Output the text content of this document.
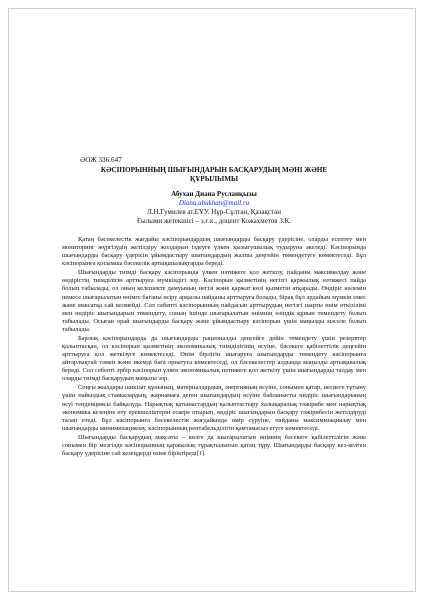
ӘОЖ 336.647
КӘСІПОРЫННЫҢ ШЫҒЫНДАРЫН БАСҚАРУДЫҢ МӘНІ ЖӘНЕ
ҚҰРЫЛЫМЫ
Абухан Диана Русланқызы
Diana.abukhan@mail.ru
Л.Н.Гумилев ат.ЕҰУ. Нұр-Сұлтан, Қазақстан
Ғылыми жетекшісі – э.ғ.к., доцент Кожахметов З.К.

Қатаң бәсекелестік жағдайы кәсіпорындардың шығындарды басқару үдерісіне, оларды есептеу мен мониторинг жүргізудің жетілдіру жолдарын іздеуге үлкен қызығушылық тудыруна әкеледі. Кәсіпорында шығындарды басқару үдерісін ұйымдастыру шығындардың жалпы деңгейін төмендетуге көмектеседі. Бұл кәсіпорынға қосымша бәсекелік артықшылықтарды береді.

Шығындарды тиімді басқару кәсіпорында үлкен нәтижеге қол жеткізу, пайданы максималдау және өндірістің тиімділігін арттыруға мүмкіндігі зор. Кәсіпорын қызметінің негізгі қаржылық нәтижесі пайда болып табылады, ол оның келешекте дамуының негізі және қаржат көзі қызметін атқарады. Өндіріс көлемін немесе шығарылатын өнімге бағаны өсіру арқылы пайданы арттыруға болады, бірақ бұл әрдайым мүмкін емес және максатқа сай келмейді. Сол себепті кәсіпорынның пайдасын арттырудың негізгі шарты өнім өткізілімі мен өндіріс шығындарын төмендету, соның ішінде шығарылатын өнімнің өзіндік құнын төмендету болып табылады. Осыған орай шығындарды басқару және ұйымдастыру кәсіпорын үшін маңызды мәселе болып табылады.

Барлық кәсіпорындарда да шығындарды рационалды деңгейге дейін төмендету үшін резервтер қалыптасқан, ол кәсіпорын қызметінің экономикалық тиімділігінің өсуіне, бәсекеге қабілеттілік деңгейін арттыруға қол жеткізуге көмектеседі. Өнім бірлігін шығаруға шығындарды төмендету кәсіпорынға айтарлықтай тәмен және икемді баға орнатуға көмектеседі, ол бәсекелестер алдында маңызды артықшылық береді. Сол себепті әрбір кәсіпорын үлкен экономикалық нәтижеге қол жеткізу үшін шығындарды талдау мен оларды тиімді басқарудың маңызы зор.

Соңғы жылдары шикізат құнының, материалдардың, энергияның өсуіне, сонымен қатар, несиеге тұтыну үшін пайыздық ставкалардың, жарнамаға деген шығындардың өсуіне байланысты өндіріс шығындарының өсуі тенденциясы байқалуда. Нарықтық қатынастардың қалыптастыру халықаралық тәжірибе мен нарықтық экономика кезеңіне өту ерекшеліктерін ескере отырып, өндіріс шығындарын басқару тәжірибесін жетілдіруді талап етеді. Бұл кәсіпорынға бәсекелестік жағдайында өмір сүруіне, пайданы максимизациялау мен шығындарды минимизациялау, кәсіпорынның рентабельділігін қамтамасыз етуге көмектеседі.

Шығындарды басқарудың мақсаты – көлге да шығарылатын өнімнің бәсекеге қабілеттілігін және сонымен бір мезгілде кәсіпорынның қаржылық тұрақтылығын қатаң тұру. Шығындарды басқару кез-келген басқару үдерісіне сай кезеңдерді өзіне біріктіреді[1].
